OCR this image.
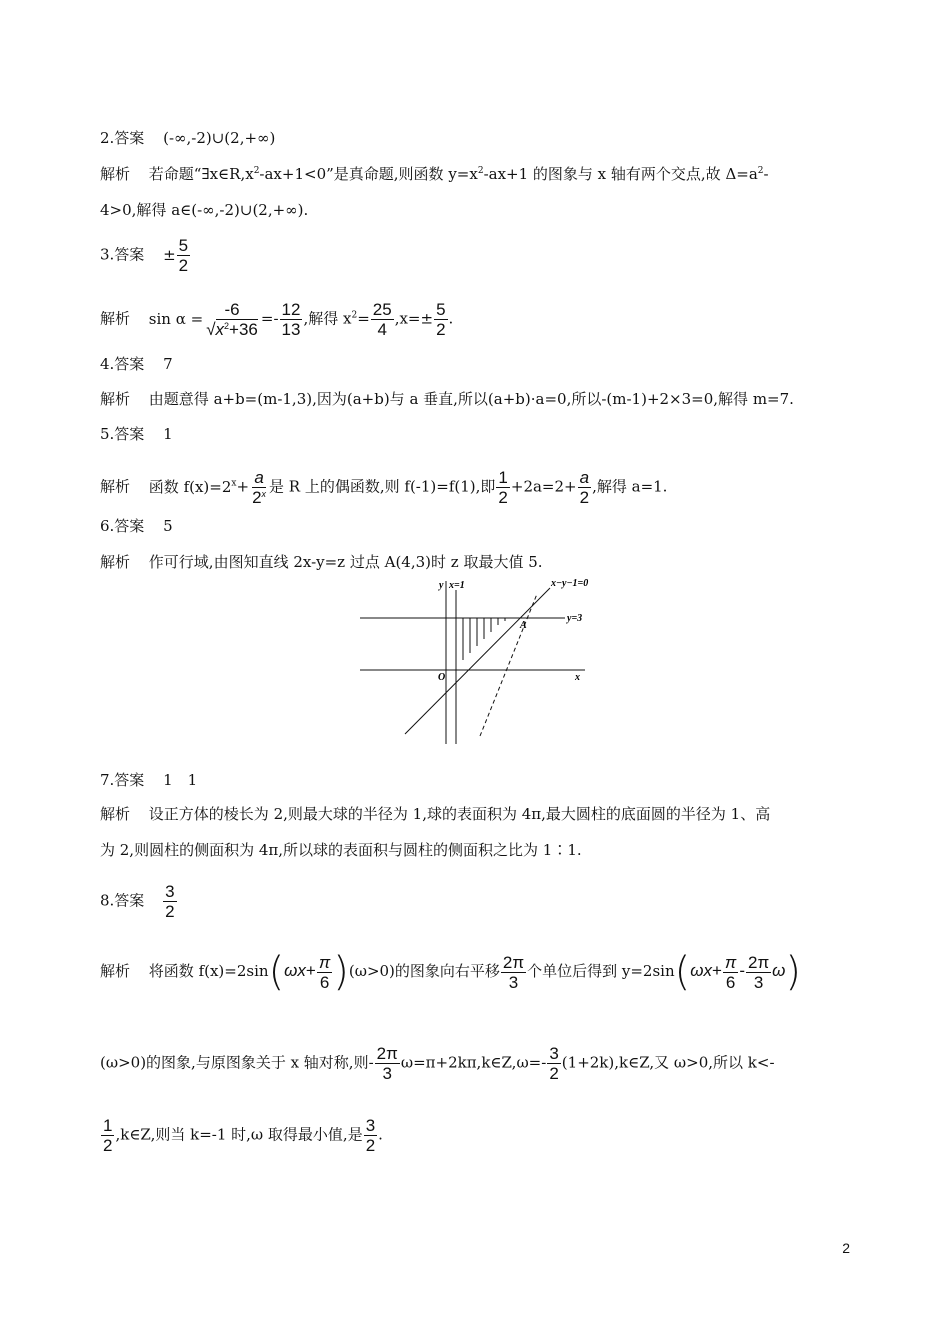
2.答案 (-∞,-2)∪(2,+∞)
解析 若命题“$\exists x\in R,x^2-ax+1<0$”是真命题,则函数 $y=x^2-ax+1$ 的图象与 x 轴有两个交点,故 $\Delta=a^2-$
4>0,解得 a∈(-∞,-2)∪(2,+∞).
3.答案 ± $\frac{5}{2}$
解析 $\sin \alpha = \frac{-6}{√x^2+36} =- \frac{12}{13}$ ,解得 $x^2= \frac{25}{4} ,x=\pm \frac{5}{2}$ .
4.答案 7
解析 由题意得 a+b=(m-1,3),因为(a+b)与 a 垂直,所以(a+b)·a=0,所以-(m-1)+2×3=0,解得 m=7.
5.答案 1
解析 函数 $f(x)=2^x+ \frac{a}{2^x}$ 是 R 上的偶函数,则 f(-1)=f(1),即 $\frac{1}{2} +2a=2+ \frac{a}{2}$ ,解得 a=1.
6.答案 5
解析 作可行域,由图知直线 2x-y=z 过点 A(4,3)时 z 取最大值 5.
y x=1	x−y−1=0
y=3
A
O	x
7.答案 1　1
解析 设正方体的棱长为 2,则最大球的半径为 1,球的表面积为 4π,最大圆柱的底面圆的半径为 1、高
为 2,则圆柱的侧面积为 4π,所以球的表面积与圆柱的侧面积之比为 1∶1.
8.答案 $\frac{3}{2}$
解析 将函数 $f(x)=2\sin(\omega x+ \frac{\pi}{6} )(\omega>0)$的图象向右平移 $\frac{2\pi}{3}$ 个单位后得到 $y=2\sin(\omega x+ \frac{\pi}{6} - \frac{2\pi}{3} \omega)$
(ω>0)的图象,与原图象关于 x 轴对称,则- $\frac{2\pi}{3}$ ω=π+2kπ,k∈Z,ω=- $\frac{3}{2}$ (1+2k),k∈Z,又 ω>0,所以 k<-
$\frac{1}{2}$ ,k∈Z,则当 k=-1 时,ω 取得最小值,是 $\frac{3}{2}$ .
2
